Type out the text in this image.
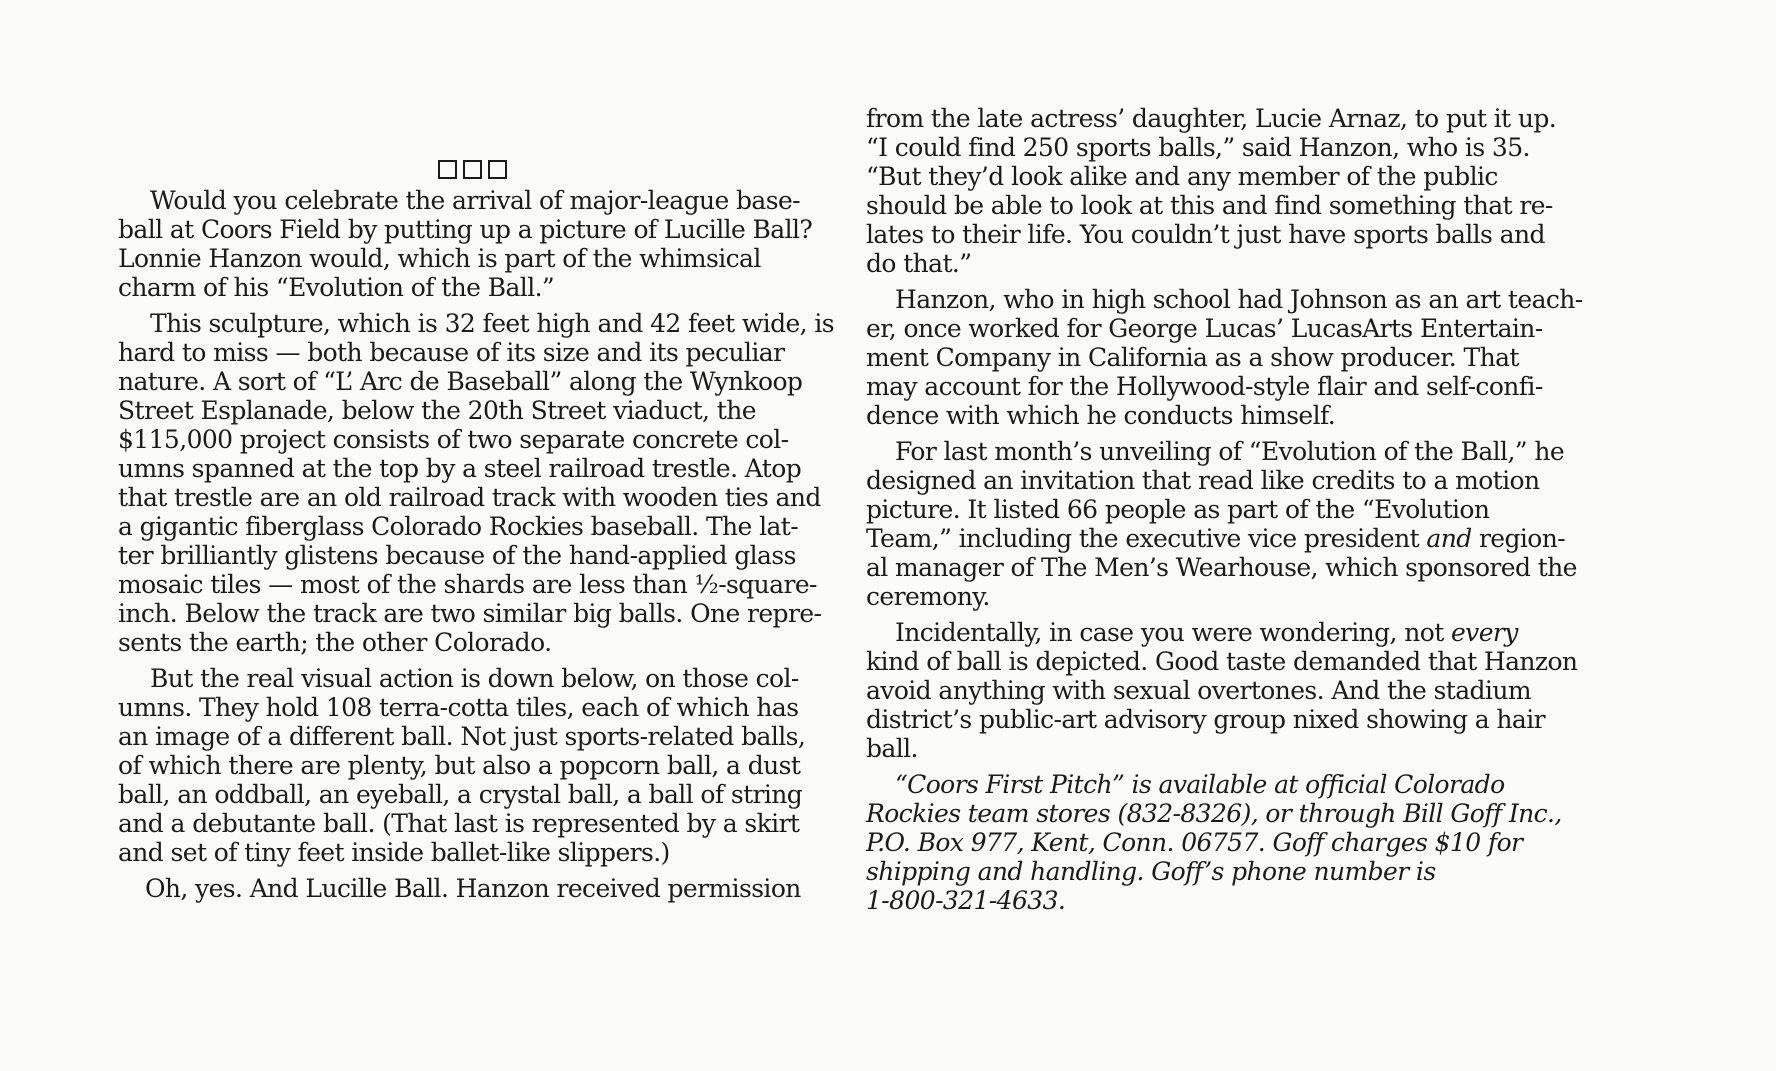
Would you celebrate the arrival of major-league base-
ball at Coors Field by putting up a picture of Lucille Ball?
Lonnie Hanzon would, which is part of the whimsical
charm of his “Evolution of the Ball.”
This sculpture, which is 32 feet high and 42 feet wide, is
hard to miss — both because of its size and its peculiar
nature. A sort of “L’ Arc de Baseball” along the Wynkoop
Street Esplanade, below the 20th Street viaduct, the
$115,000 project consists of two separate concrete col-
umns spanned at the top by a steel railroad trestle. Atop
that trestle are an old railroad track with wooden ties and
a gigantic fiberglass Colorado Rockies baseball. The lat-
ter brilliantly glistens because of the hand-applied glass
mosaic tiles — most of the shards are less than ½-square-
inch. Below the track are two similar big balls. One repre-
sents the earth; the other Colorado.
But the real visual action is down below, on those col-
umns. They hold 108 terra-cotta tiles, each of which has
an image of a different ball. Not just sports-related balls,
of which there are plenty, but also a popcorn ball, a dust
ball, an oddball, an eyeball, a crystal ball, a ball of string
and a debutante ball. (That last is represented by a skirt
and set of tiny feet inside ballet-like slippers.)
Oh, yes. And Lucille Ball. Hanzon received permission
from the late actress’ daughter, Lucie Arnaz, to put it up.
“I could find 250 sports balls,” said Hanzon, who is 35.
“But they’d look alike and any member of the public
should be able to look at this and find something that re-
lates to their life. You couldn’t just have sports balls and
do that.”
Hanzon, who in high school had Johnson as an art teach-
er, once worked for George Lucas’ LucasArts Entertain-
ment Company in California as a show producer. That
may account for the Hollywood-style flair and self-confi-
dence with which he conducts himself.
For last month’s unveiling of “Evolution of the Ball,” he
designed an invitation that read like credits to a motion
picture. It listed 66 people as part of the “Evolution
Team,” including the executive vice president and region-
al manager of The Men’s Wearhouse, which sponsored the
ceremony.
Incidentally, in case you were wondering, not every
kind of ball is depicted. Good taste demanded that Hanzon
avoid anything with sexual overtones. And the stadium
district’s public-art advisory group nixed showing a hair
ball.
“Coors First Pitch” is available at official Colorado
Rockies team stores (832-8326), or through Bill Goff Inc.,
P.O. Box 977, Kent, Conn. 06757. Goff charges $10 for
shipping and handling. Goff’s phone number is
1-800-321-4633.
